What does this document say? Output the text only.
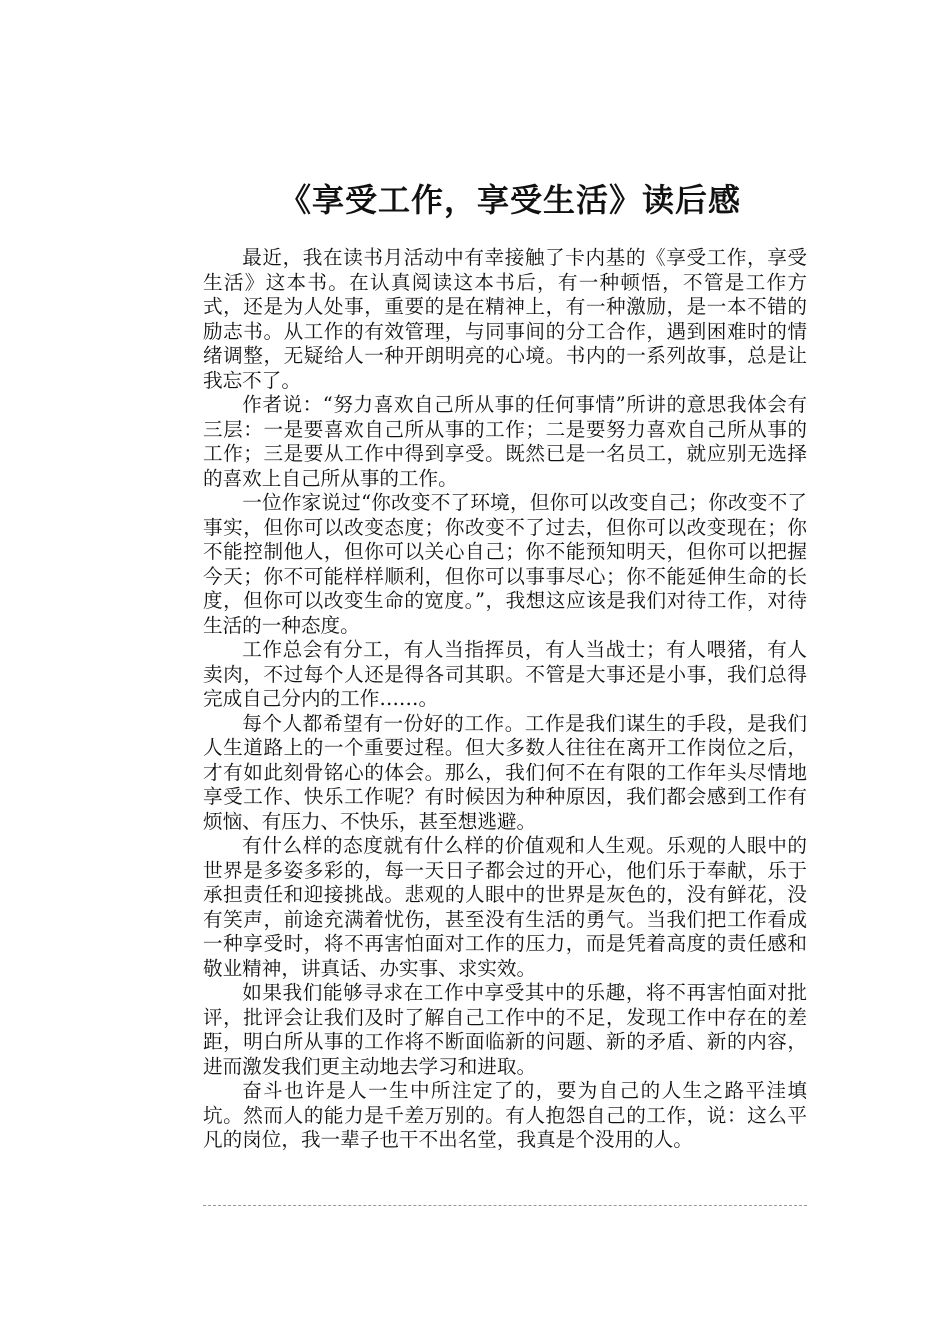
《享受工作，享受生活》读后感

最近，我在读书月活动中有幸接触了卡内基的《享受工作，享受生活》这本书。在认真阅读这本书后，有一种顿悟，不管是工作方式，还是为人处事，重要的是在精神上，有一种激励，是一本不错的励志书。从工作的有效管理，与同事间的分工合作，遇到困难时的情绪调整，无疑给人一种开朗明亮的心境。书内的一系列故事，总是让我忘不了。

作者说：“努力喜欢自己所从事的任何事情”所讲的意思我体会有三层：一是要喜欢自己所从事的工作；二是要努力喜欢自己所从事的工作；三是要从工作中得到享受。既然已是一名员工，就应别无选择的喜欢上自己所从事的工作。

一位作家说过“你改变不了环境，但你可以改变自己；你改变不了事实，但你可以改变态度；你改变不了过去，但你可以改变现在；你不能控制他人，但你可以关心自己；你不能预知明天，但你可以把握今天；你不可能样样顺利，但你可以事事尽心；你不能延伸生命的长度，但你可以改变生命的宽度。”，我想这应该是我们对待工作，对待生活的一种态度。

工作总会有分工，有人当指挥员，有人当战士；有人喂猪，有人卖肉，不过每个人还是得各司其职。不管是大事还是小事，我们总得完成自己分内的工作……。

每个人都希望有一份好的工作。工作是我们谋生的手段，是我们人生道路上的一个重要过程。但大多数人往往在离开工作岗位之后，才有如此刻骨铭心的体会。那么，我们何不在有限的工作年头尽情地享受工作、快乐工作呢？有时候因为种种原因，我们都会感到工作有烦恼、有压力、不快乐，甚至想逃避。

有什么样的态度就有什么样的价值观和人生观。乐观的人眼中的世界是多姿多彩的，每一天日子都会过的开心，他们乐于奉献，乐于承担责任和迎接挑战。悲观的人眼中的世界是灰色的，没有鲜花，没有笑声，前途充满着忧伤，甚至没有生活的勇气。当我们把工作看成一种享受时，将不再害怕面对工作的压力，而是凭着高度的责任感和敬业精神，讲真话、办实事、求实效。

如果我们能够寻求在工作中享受其中的乐趣，将不再害怕面对批评，批评会让我们及时了解自己工作中的不足，发现工作中存在的差距，明白所从事的工作将不断面临新的问题、新的矛盾、新的内容，进而激发我们更主动地去学习和进取。

奋斗也许是人一生中所注定了的，要为自己的人生之路平洼填坑。然而人的能力是千差万别的。有人抱怨自己的工作，说：这么平凡的岗位，我一辈子也干不出名堂，我真是个没用的人。
